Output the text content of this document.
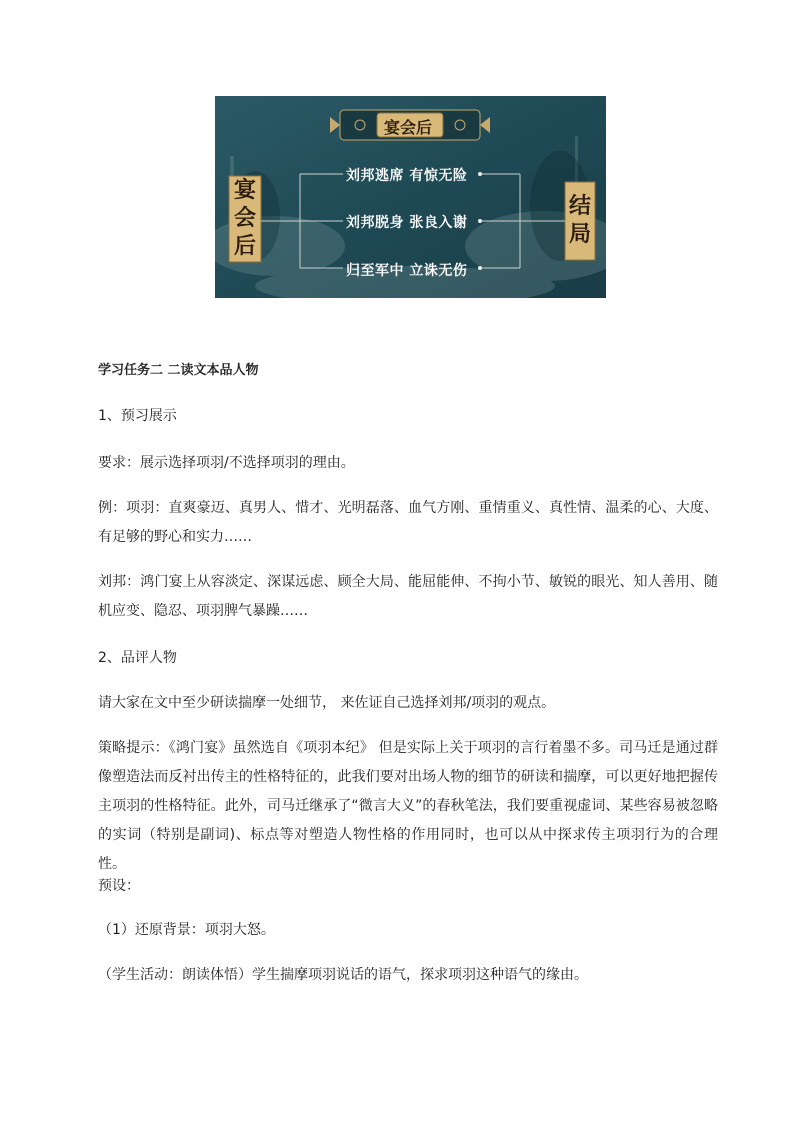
宴会后
宴
会
后
结
局
刘邦逃席 有惊无险
刘邦脱身 张良入谢
归至军中 立诛无伤
学习任务二 二读文本品人物
1、预习展示
要求：展示选择项羽/不选择项羽的理由。
例：项羽：直爽豪迈、真男人、惜才、光明磊落、血气方刚、重情重义、真性情、温柔的心、大度、有足够的野心和实力……
刘邦：鸿门宴上从容淡定、深谋远虑、顾全大局、能屈能伸、不拘小节、敏锐的眼光、知人善用、随机应变、隐忍、项羽脾气暴躁……
2、品评人物
请大家在文中至少研读揣摩一处细节， 来佐证自己选择刘邦/项羽的观点。
策略提示：《鸿门宴》虽然选自《项羽本纪》 但是实际上关于项羽的言行着墨不多。司马迁是通过群像塑造法而反衬出传主的性格特征的，此我们要对出场人物的细节的研读和揣摩，可以更好地把握传主项羽的性格特征。此外，司马迁继承了“微言大义”的春秋笔法，我们要重视虚词、某些容易被忽略的实词（特别是副词)、标点等对塑造人物性格的作用同时，也可以从中探求传主项羽行为的合理性。
预设：
（1）还原背景：项羽大怒。
（学生活动：朗读体悟）学生揣摩项羽说话的语气，探求项羽这种语气的缘由。
